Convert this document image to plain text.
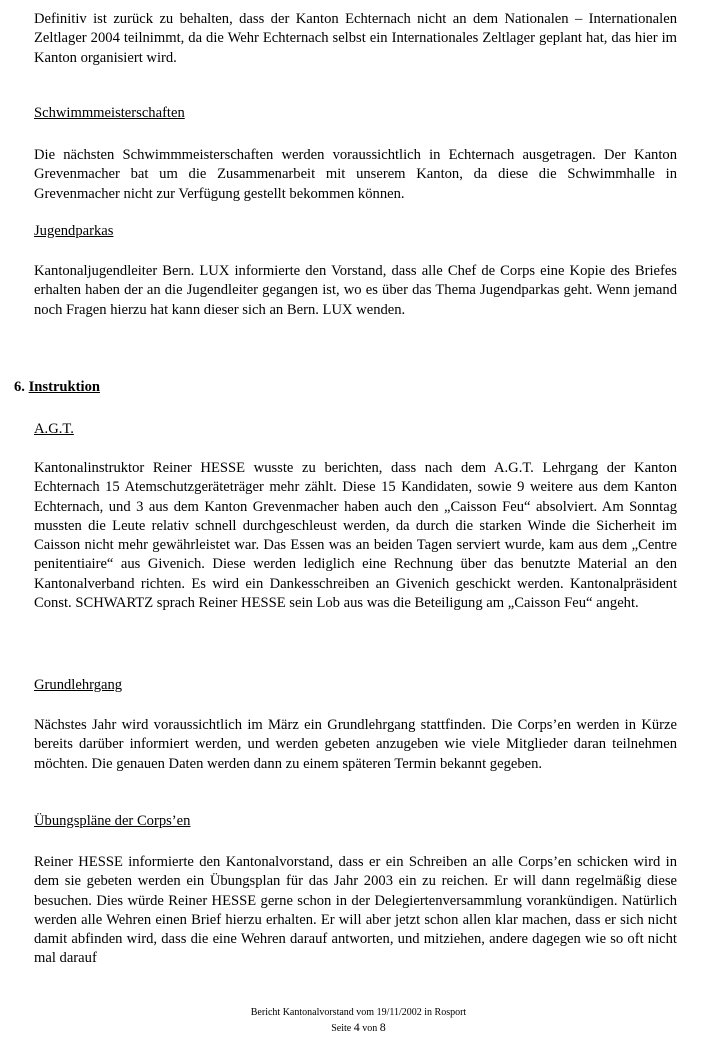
Definitiv ist zurück zu behalten, dass der Kanton Echternach nicht an dem Nationalen – Internationalen Zeltlager 2004 teilnimmt, da die Wehr Echternach selbst ein Internationales Zeltlager geplant hat, das hier im Kanton organisiert wird.

Schwimmmeisterschaften

Die nächsten Schwimmmeisterschaften werden voraussichtlich in Echternach ausgetragen. Der Kanton Grevenmacher bat um die Zusammenarbeit mit unserem Kanton, da diese die Schwimmhalle in Grevenmacher nicht zur Verfügung gestellt bekommen können.

Jugendparkas

Kantonaljugendleiter Bern. LUX informierte den Vorstand, dass alle Chef de Corps eine Kopie des Briefes erhalten haben der an die Jugendleiter gegangen ist, wo es über das Thema Jugendparkas geht. Wenn jemand noch Fragen hierzu hat kann dieser sich an Bern. LUX wenden.

6. Instruktion

A.G.T.

Kantonalinstruktor Reiner HESSE wusste zu berichten, dass nach dem A.G.T. Lehrgang der Kanton Echternach 15 Atemschutzgeräteträger mehr zählt. Diese 15 Kandidaten, sowie 9 weitere aus dem Kanton Echternach, und 3 aus dem Kanton Grevenmacher haben auch den „Caisson Feu“ absolviert. Am Sonntag mussten die Leute relativ schnell durchgeschleust werden, da durch die starken Winde die Sicherheit im Caisson nicht mehr gewährleistet war. Das Essen was an beiden Tagen serviert wurde, kam aus dem „Centre penitentiaire“ aus Givenich. Diese werden lediglich eine Rechnung über das benutzte Material an den Kantonalverband richten. Es wird ein Dankesschreiben an Givenich geschickt werden. Kantonalpräsident Const. SCHWARTZ sprach Reiner HESSE sein Lob aus was die Beteiligung am „Caisson Feu“ angeht.

Grundlehrgang

Nächstes Jahr wird voraussichtlich im März ein Grundlehrgang stattfinden. Die Corps’en werden in Kürze bereits darüber informiert werden, und werden gebeten anzugeben wie viele Mitglieder daran teilnehmen möchten. Die genauen Daten werden dann zu einem späteren Termin bekannt gegeben.

Übungspläne der Corps’en

Reiner HESSE informierte den Kantonalvorstand, dass er ein Schreiben an alle Corps’en schicken wird in dem sie gebeten werden ein Übungsplan für das Jahr 2003 ein zu reichen. Er will dann regelmäßig diese besuchen. Dies würde Reiner HESSE gerne schon in der Delegiertenversammlung vorankündigen. Natürlich werden alle Wehren einen Brief hierzu erhalten. Er will aber jetzt schon allen klar machen, dass er sich nicht damit abfinden wird, dass die eine Wehren darauf antworten, und mitziehen, andere dagegen wie so oft nicht mal darauf

Bericht Kantonalvorstand vom 19/11/2002 in Rosport
Seite 4 von 8
